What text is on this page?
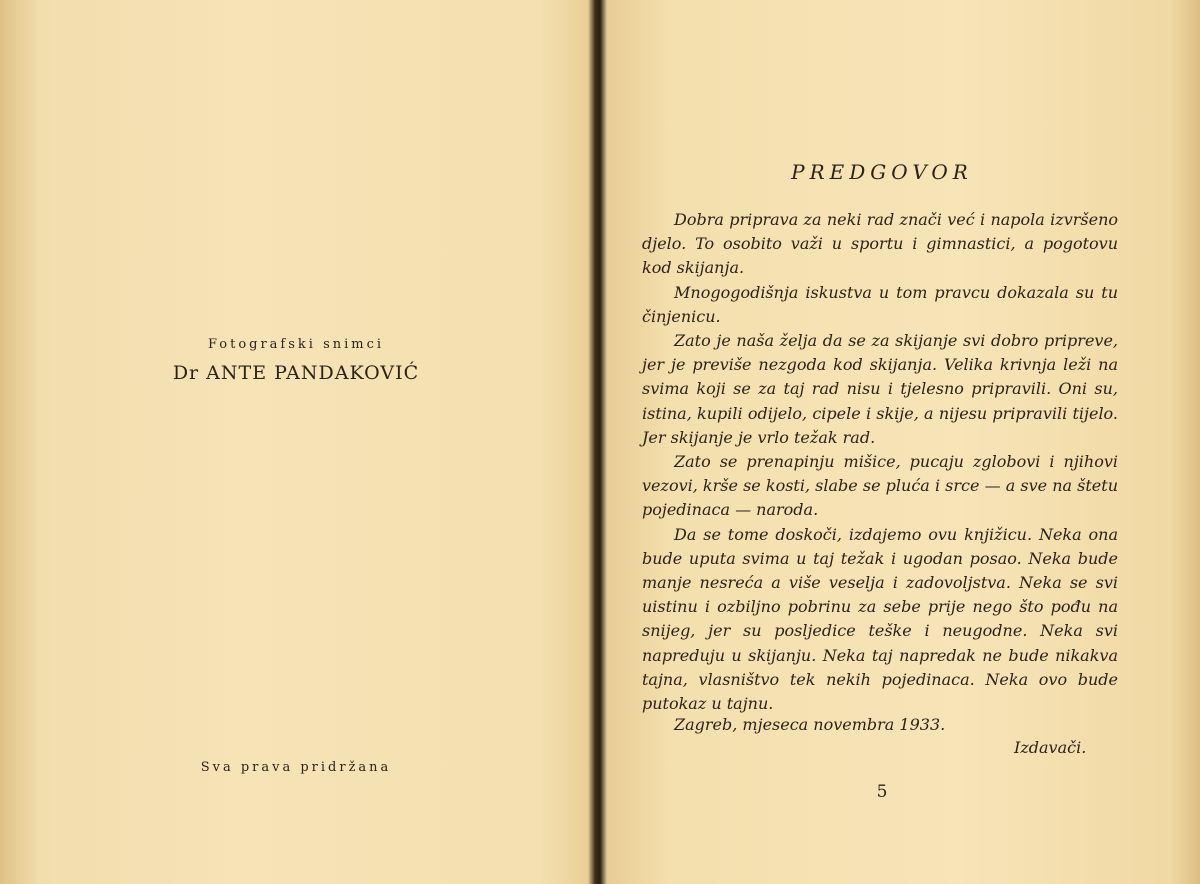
Fotografski snimci
Dr ANTE PANDAKOVIĆ
Sva prava pridržana
PREDGOVOR

Dobra priprava za neki rad znači već i napola izvršeno djelo. To osobito važi u sportu i gimnastici, a pogotovu kod skijanja.

Mnogogodišnja iskustva u tom pravcu dokazala su tu činjenicu.

Zato je naša želja da se za skijanje svi dobro pripreve, jer je previše nezgoda kod skijanja. Velika krivnja leži na svima koji se za taj rad nisu i tjelesno pripravili. Oni su, istina, kupili odijelo, cipele i skije, a nijesu pripravili tijelo. Jer skijanje je vrlo težak rad.

Zato se prenapinju mišice, pucaju zglobovi i njihovi vezovi, krše se kosti, slabe se pluća i srce — a sve na štetu pojedinaca — naroda.

Da se tome doskoči, izdajemo ovu knjižicu. Neka ona bude uputa svima u taj težak i ugodan posao. Neka bude manje nesreća a više veselja i zadovoljstva. Neka se svi uistinu i ozbiljno pobrinu za sebe prije nego što pođu na snijeg, jer su posljedice teške i neugodne. Neka svi napreduju u skijanju. Neka taj napredak ne bude nikakva tajna, vlasništvo tek nekih pojedinaca. Neka ovo bude putokaz u tajnu.

Zagreb, mjeseca novembra 1933.
Izdavači.
5
